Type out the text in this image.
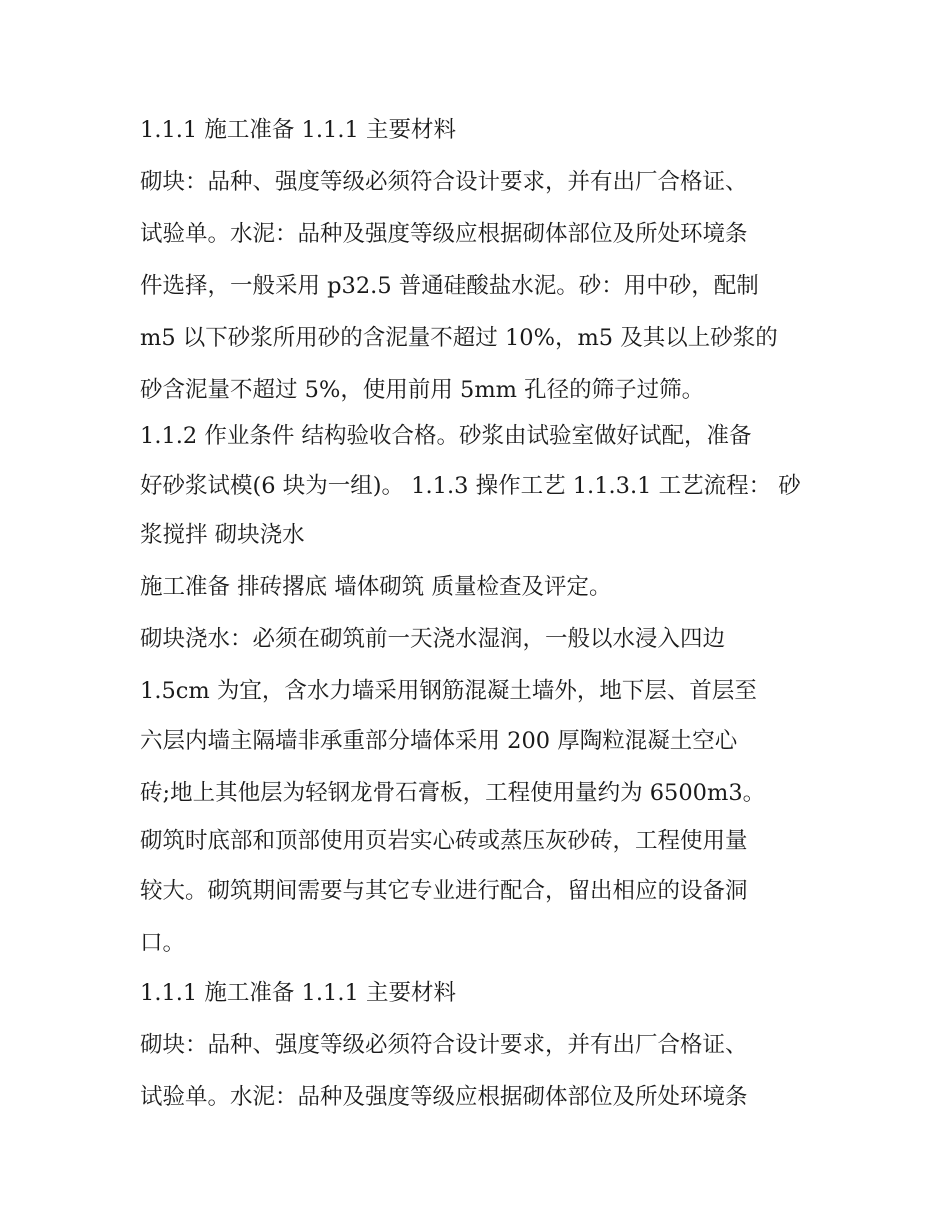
1.1.1 施工准备 1.1.1 主要材料

砌块：品种、强度等级必须符合设计要求，并有出厂合格证、

试验单。水泥：品种及强度等级应根据砌体部位及所处环境条

件选择，一般采用 p32.5 普通硅酸盐水泥。砂：用中砂，配制

m5 以下砂浆所用砂的含泥量不超过 10%，m5 及其以上砂浆的

砂含泥量不超过 5%，使用前用 5mm 孔径的筛子过筛。

1.1.2 作业条件 结构验收合格。砂浆由试验室做好试配，准备

好砂浆试模(6 块为一组)。 1.1.3 操作工艺 1.1.3.1 工艺流程： 砂

浆搅拌 砌块浇水

施工准备 排砖撂底 墙体砌筑 质量检查及评定。

砌块浇水：必须在砌筑前一天浇水湿润，一般以水浸入四边

1.5cm 为宜，含水力墙采用钢筋混凝土墙外，地下层、首层至

六层内墙主隔墙非承重部分墙体采用 200 厚陶粒混凝土空心

砖;地上其他层为轻钢龙骨石膏板，工程使用量约为 6500m3。

砌筑时底部和顶部使用页岩实心砖或蒸压灰砂砖，工程使用量

较大。砌筑期间需要与其它专业进行配合，留出相应的设备洞

口。

1.1.1 施工准备 1.1.1 主要材料

砌块：品种、强度等级必须符合设计要求，并有出厂合格证、

试验单。水泥：品种及强度等级应根据砌体部位及所处环境条
